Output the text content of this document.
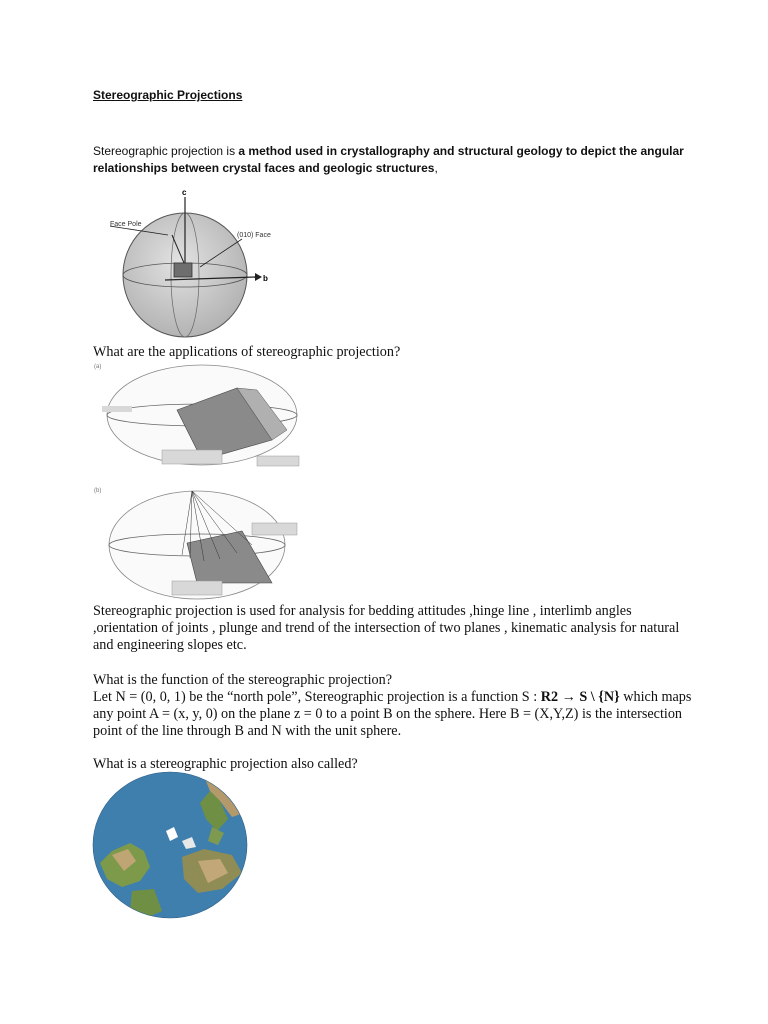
Stereographic Projections
Stereographic projection is a method used in crystallography and structural geology to depict the angular relationships between crystal faces and geologic structures,
c
Face Pole
(010) Face
b
What are the applications of stereographic projection?
(a)
(b)
Stereographic projection is used for analysis for bedding attitudes ,hinge line , interlimb angles ,orientation of joints , plunge and trend of the intersection of two planes , kinematic analysis for natural and engineering slopes etc.
What is the function of the stereographic projection?
Let N = (0, 0, 1) be the “north pole”, Stereographic projection is a function S : R2 → S \ {N} which maps any point A = (x, y, 0) on the plane z = 0 to a point B on the sphere. Here B = (X,Y,Z) is the intersection point of the line through B and N with the unit sphere.
What is a stereographic projection also called?
